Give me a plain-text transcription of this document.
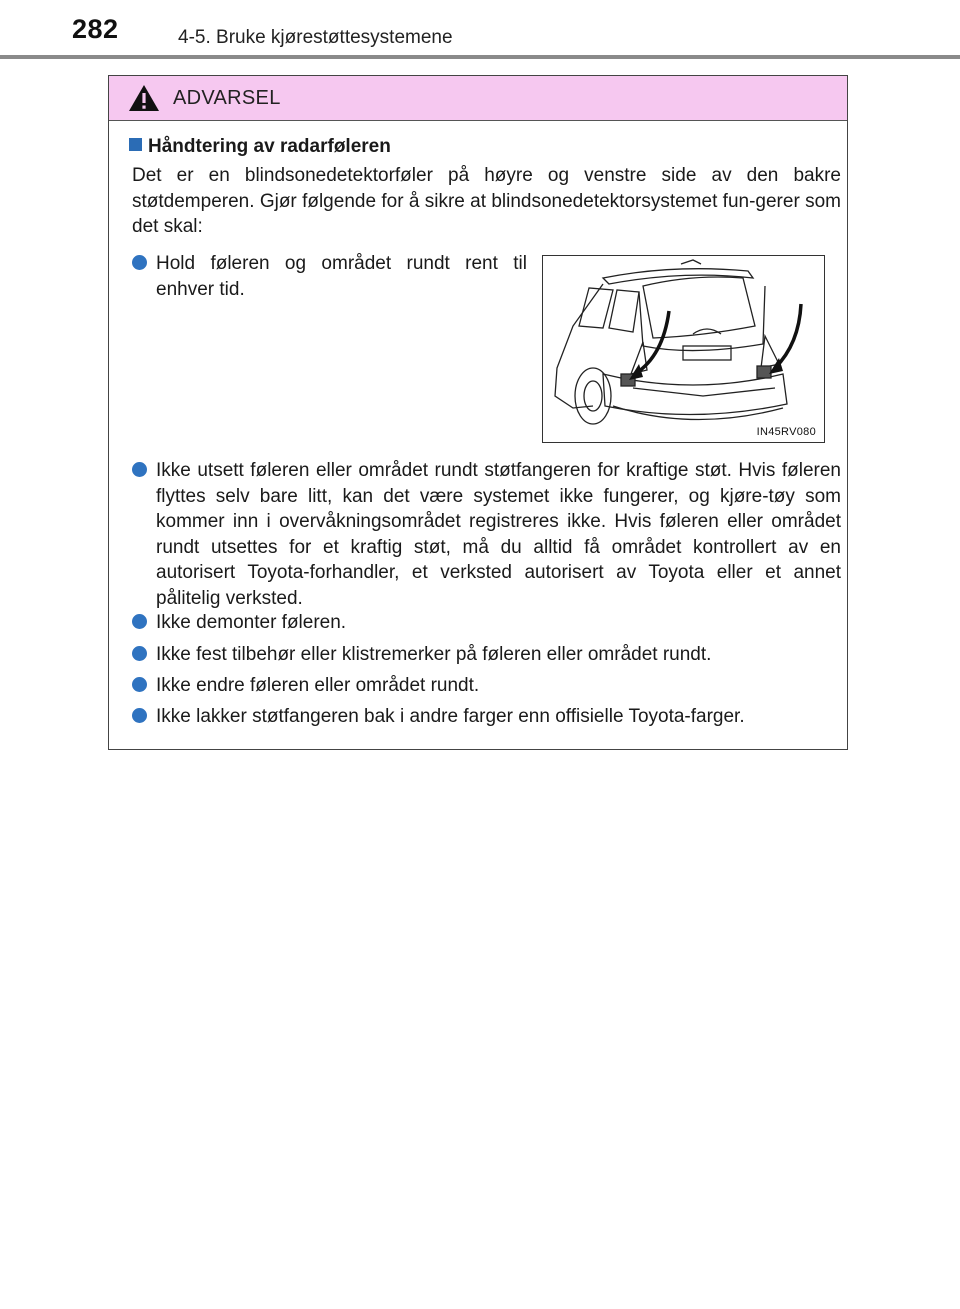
282	4-5. Bruke kjørestøttesystemene
ADVARSEL
Håndtering av radarføleren
Det er en blindsonedetektorføler på høyre og venstre side av den bakre støtdemperen. Gjør følgende for å sikre at blindsonedetektorsystemet fun-gerer som det skal:
Hold føleren og området rundt rent til enhver tid.
IN45RV080
Ikke utsett føleren eller området rundt støtfangeren for kraftige støt. Hvis føleren flyttes selv bare litt, kan det være systemet ikke fungerer, og kjøre-tøy som kommer inn i overvåkningsområdet registreres ikke. Hvis føleren eller området rundt utsettes for et kraftig støt, må du alltid få området kontrollert av en autorisert Toyota-forhandler, et verksted autorisert av Toyota eller et annet pålitelig verksted.
Ikke demonter føleren.
Ikke fest tilbehør eller klistremerker på føleren eller området rundt.
Ikke endre føleren eller området rundt.
Ikke lakker støtfangeren bak i andre farger enn offisielle Toyota-farger.
